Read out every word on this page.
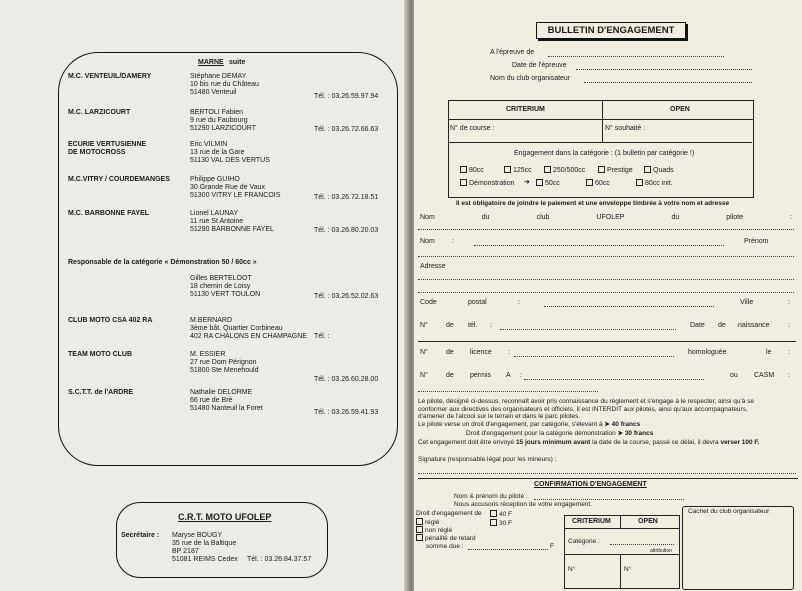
MARNE suite
M.C. VENTEUIL/DAMERY	Stéphane DEMAY
10 bis rue du Château
51480 Venteuil
Tél. : 03.26.59.97.94
M.C. LARZICOURT	BERTOLI Fabien
9 rue du Faubourg
51290 LARZICOURT	Tél. : 03.26.72.66.63
ECURIE VERTUSIENNE
DE MOTOCROSS
Eric VILMIN
13 rue de la Gare
51130 VAL DES VERTUS
M.C.VITRY / COURDEMANGES	Philippe GUIHO
30 Grande Rue de Vaux
51300 VITRY LE FRANCOIS	Tél. : 03.26.72.18.51
M.C. BARBONNE FAYEL	Lionel LAUNAY
11 rue St Antoine
51290 BARBONNE FAYEL	Tél. : 03.26.80.20.03
Responsable de la catégorie « Démonstration 50 / 60cc »
Gilles BERTELOOT
18 chemin de Loisy
51130 VERT TOULON	Tél. : 03.26.52.02.63
CLUB MOTO CSA 402 RA	M.BERNARD
3ème bât. Quartier Corbineau
402 RA CHALONS EN CHAMPAGNE Tél. :
TEAM MOTO CLUB	M. ESSIER
27 rue Dom Pérignon
51800 Ste Menehould
Tél. : 03.26.60.28.00
S.C.T.T. de l'ARDRE	Nathalie DELORME
66 rue de Bré
51480 Nanteuil la Foret
Tél. : 03.26.59.41.93
C.R.T. MOTO UFOLEP
Secrétaire : Maryse BOUGY
35 rue de la Baltique
BP 2187
51081 REIMS Cedex Tél. : 03.26.84.37.57
BULLETIN D'ENGAGEMENT
A l'épreuve de
Date de l'épreuve
Nom du club organisateur
CRITERIUM	OPEN
N° de course :	N° souhaité :
Engagement dans la catégorie : (1 bulletin par catégorie !)
80cc	125cc	250/500cc	Prestige	Quads
Démonstration ➜	50cc	60cc	80cc init.
Il est obligatoire de joindre le paiement et une enveloppe timbrée à votre nom et adresse
Nom	du	club	UFOLEP	du	pilote	:
Nom :	Prénom
Adresse
Code	postal	:	Ville	:
N°	de tél. :	Date de naissance	:
N°	de licence :	homologuée	le :
N°	de permis A :	ou CASM :
Le pilote, désigné ci-dessus, reconnaît avoir pris connaissance du règlement et s'engage à le respecter, ainsi qu'à se
conformer aux directives des organisateurs et officiels. Il est INTERDIT aux pilotes, ainsi qu'aux accompagnateurs,
d'amener de l'alcool sur le terrain et dans le parc pilotes.
Le pilote verse un droit d'engagement, par catégorie, s'élevant à ➤ 40 francs
Droit d'engagement pour la catégorie démonstration ➤ 30 francs
Cet engagement doit être envoyé 15 jours minimum avant la date de la course, passé ce délai, il devra verser 100 F.
Signature (responsable légal pour les mineurs) :
CONFIRMATION D'ENGAGEMENT
Nom & prénom du pilote :
Nous accusons réception de votre engagement.
Droit d'engagement de	40 F
30 F
réglé
non réglé
pénalité de retard
somme due :	F
CRITERIUM	OPEN
Catégorie :
attribution
N°	N°
Cachet du club organisateur
